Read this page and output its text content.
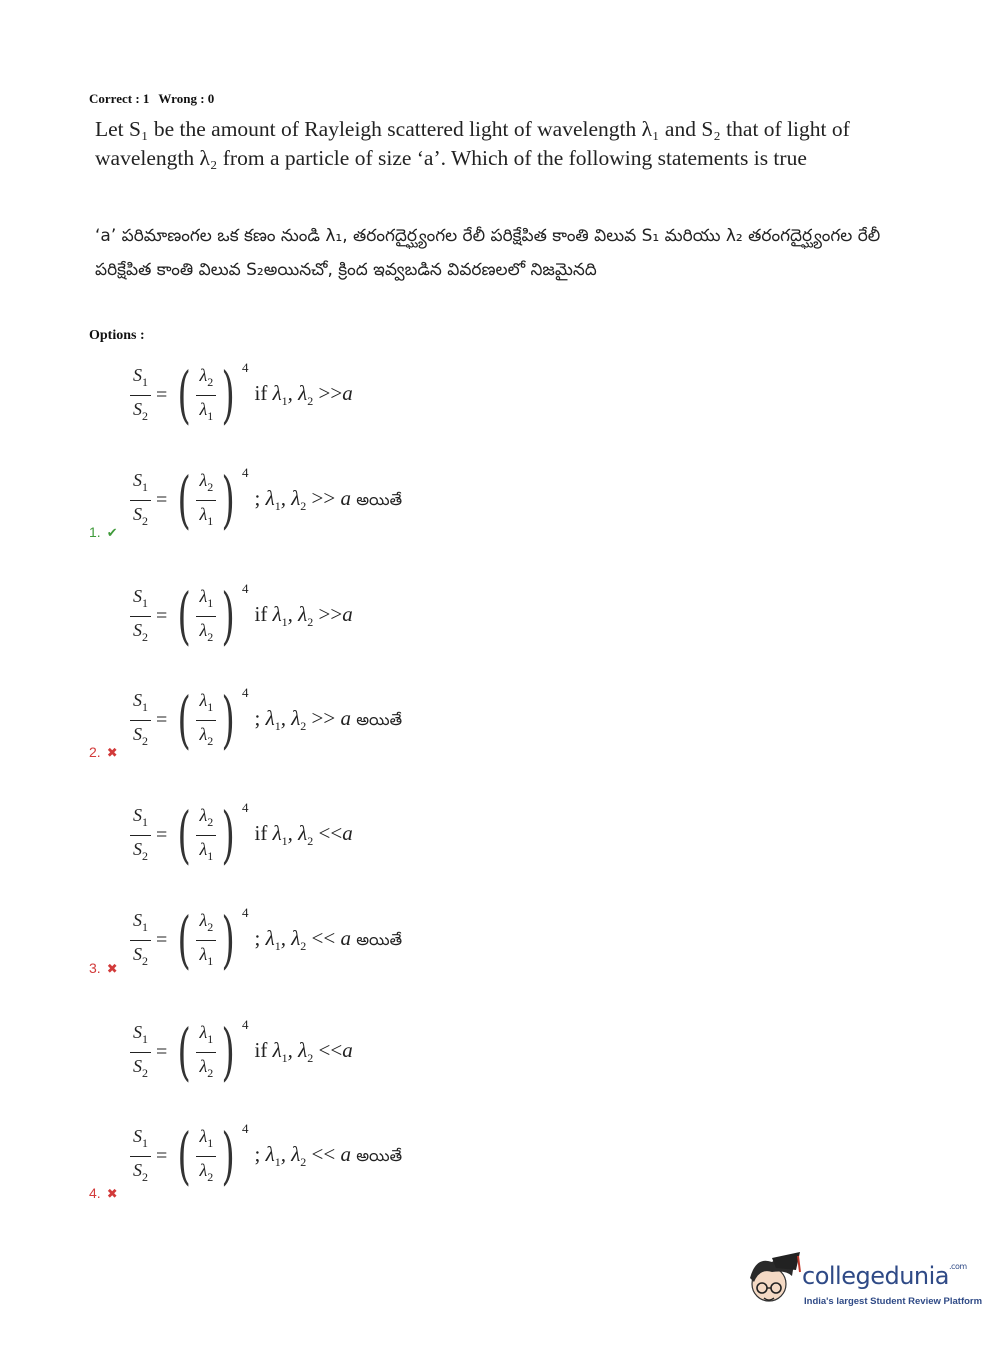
Correct : 1 Wrong : 0
Let S₁ be the amount of Rayleigh scattered light of wavelength λ₁ and S₂ that of light of wavelength λ₂ from a particle of size ‘a’. Which of the following statements is true
‘a’ పరిమాణంగల ఒక కణం నుండి λ₁, తరంగదైర్ఘ్యంగల రేలీ పరిక్షేపిత కాంతి విలువ S₁ మరియు λ₂ తరంగదైర్ఘ్యంగల రేలీ పరిక్షేపిత కాంతి విలువ S₂అయినచో, క్రింద ఇవ్వబడిన వివరణలలో నిజమైనది
Options :
$\frac{S_1}{S_2}$ = ( $\frac{\lambda_2}{\lambda_1}$ ) 4
if $\lambda_1$, $\lambda_2 >>a$
$\frac{S_1}{S_2}$ = ( $\frac{\lambda_2}{\lambda_1}$ ) 4
; $\lambda_1$, $\lambda_2 >> a$ అయితే
1. ✔
$\frac{S_1}{S_2}$ = ( $\frac{\lambda_1}{\lambda_2}$ ) 4
if $\lambda_1$, $\lambda_2 >>a$
$\frac{S_1}{S_2}$ = ( $\frac{\lambda_1}{\lambda_2}$ ) 4
; $\lambda_1$, $\lambda_2 >> a$ అయితే
2. ✖
$\frac{S_1}{S_2}$ = ( $\frac{\lambda_2}{\lambda_1}$ ) 4
if $\lambda_1$, $\lambda_2 <<a$
$\frac{S_1}{S_2}$ = ( $\frac{\lambda_2}{\lambda_1}$ ) 4
; $\lambda_1$, $\lambda_2 << a$ అయితే
3. ✖
$\frac{S_1}{S_2}$ = ( $\frac{\lambda_1}{\lambda_2}$ ) 4
if $\lambda_1$, $\lambda_2 <<a$
$\frac{S_1}{S_2}$ = ( $\frac{\lambda_1}{\lambda_2}$ ) 4
; $\lambda_1$, $\lambda_2 << a$ అయితే
4. ✖
collegedunia$^{.com}$
India's largest Student Review Platform
